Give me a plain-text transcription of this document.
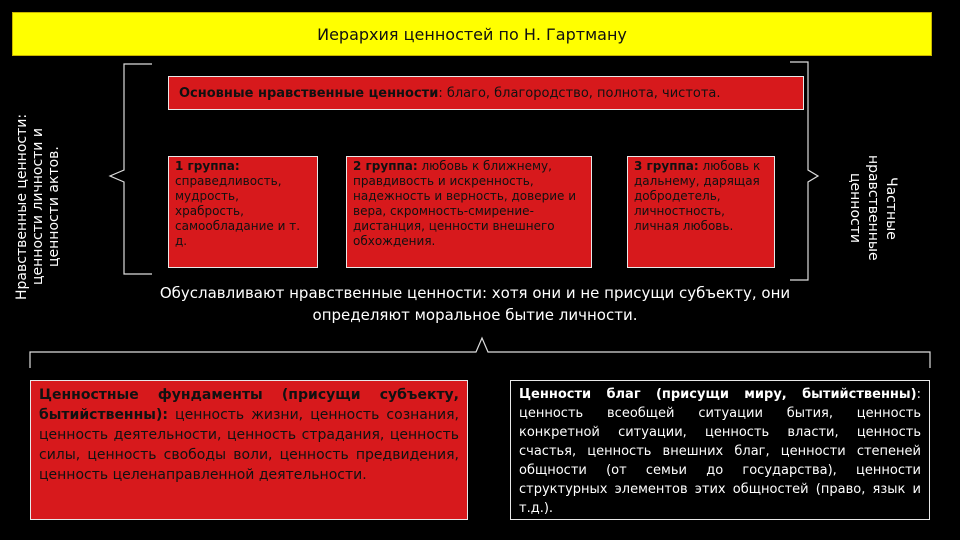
Иерархия ценностей по Н. Гартману
Нравственные ценности: ценности личности и ценности актов.
Основные нравственные ценности: благо, благородство, полнота, чистота.
1 группа: справедливость, мудрость, храбрость, самообладание и т. д.
2 группа: любовь к ближнему, правдивость и искренность, надежность и верность, доверие и вера, скромность-смирение-дистанция, ценности внешнего обхождения.
3 группа: любовь к дальнему, дарящая добродетель, личностность, личная любовь.	Частные нравственные ценности
Обуславливают нравственные ценности: хотя они и не присущи субъекту, они определяют моральное бытие личности.
Ценностные фундаменты (присущи субъекту, бытийственны): ценность жизни, ценность сознания, ценность деятельности, ценность страдания, ценность силы, ценность свободы воли, ценность предвидения, ценность целенаправленной деятельности.
Ценности благ (присущи миру, бытийственны): ценность всеобщей ситуации бытия, ценность конкретной ситуации, ценность власти, ценность счастья, ценность внешних благ, ценности степеней общности (от семьи до государства), ценности структурных элементов этих общностей (право, язык и т.д.).
